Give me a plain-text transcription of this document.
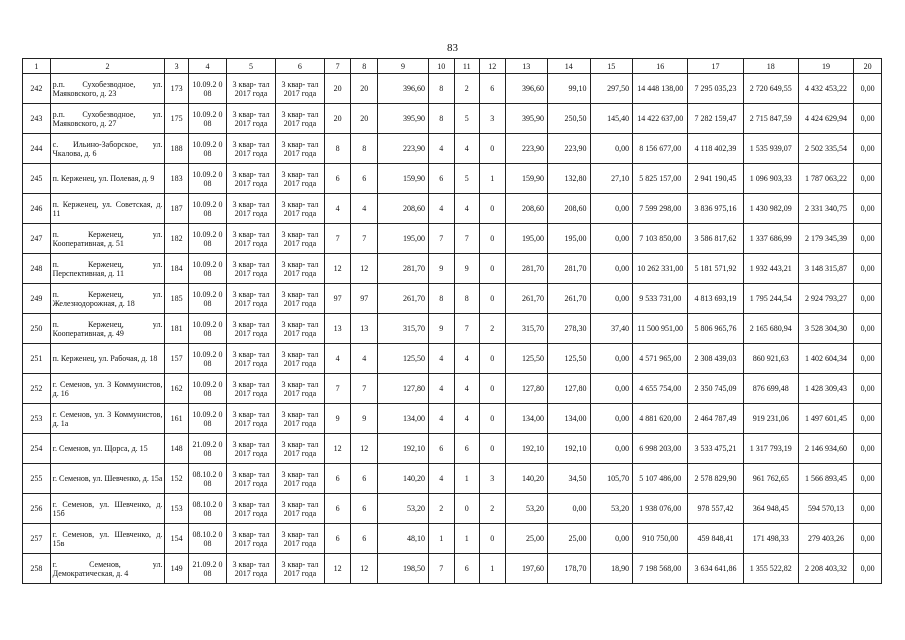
83
1	2	3	4	5	6	7	8	9	10	11	12	13	14	15	16	17	18	19	20
242	р.п. Сухобезводное, ул. Маяковского, д. 23	173	10.09.2 008	3 квар- тал 2017 года	3 квар- тал 2017 года	20	20	396,60	8	2	6	396,60	99,10	297,50	14 448 138,00	7 295 035,23	2 720 649,55	4 432 453,22	0,00
243	р.п. Сухобезводное, ул. Маяковского, д. 27	175	10.09.2 008	3 квар- тал 2017 года	3 квар- тал 2017 года	20	20	395,90	8	5	3	395,90	250,50	145,40	14 422 637,00	7 282 159,47	2 715 847,59	4 424 629,94	0,00
244	с. Ильино-Заборское, ул. Чкалова, д. 6	188	10.09.2 008	3 квар- тал 2017 года	3 квар- тал 2017 года	8	8	223,90	4	4	0	223,90	223,90	0,00	8 156 677,00	4 118 402,39	1 535 939,07	2 502 335,54	0,00
245	п. Керженец, ул. Полевая, д. 9	183	10.09.2 008	3 квар- тал 2017 года	3 квар- тал 2017 года	6	6	159,90	6	5	1	159,90	132,80	27,10	5 825 157,00	2 941 190,45	1 096 903,33	1 787 063,22	0,00
246	п. Керженец, ул. Советская, д. 11	187	10.09.2 008	3 квар- тал 2017 года	3 квар- тал 2017 года	4	4	208,60	4	4	0	208,60	208,60	0,00	7 599 298,00	3 836 975,16	1 430 982,09	2 331 340,75	0,00
247	п. Керженец, ул. Кооперативная, д. 51	182	10.09.2 008	3 квар- тал 2017 года	3 квар- тал 2017 года	7	7	195,00	7	7	0	195,00	195,00	0,00	7 103 850,00	3 586 817,62	1 337 686,99	2 179 345,39	0,00
248	п. Керженец, ул. Перспективная, д. 11	184	10.09.2 008	3 квар- тал 2017 года	3 квар- тал 2017 года	12	12	281,70	9	9	0	281,70	281,70	0,00	10 262 331,00	5 181 571,92	1 932 443,21	3 148 315,87	0,00
249	п. Керженец, ул. Железнодорожная, д. 18	185	10.09.2 008	3 квар- тал 2017 года	3 квар- тал 2017 года	97	97	261,70	8	8	0	261,70	261,70	0,00	9 533 731,00	4 813 693,19	1 795 244,54	2 924 793,27	0,00
250	п. Керженец, ул. Кооперативная, д. 49	181	10.09.2 008	3 квар- тал 2017 года	3 квар- тал 2017 года	13	13	315,70	9	7	2	315,70	278,30	37,40	11 500 951,00	5 806 965,76	2 165 680,94	3 528 304,30	0,00
251	п. Керженец, ул. Рабочая, д. 18	157	10.09.2 008	3 квар- тал 2017 года	3 квар- тал 2017 года	4	4	125,50	4	4	0	125,50	125,50	0,00	4 571 965,00	2 308 439,03	860 921,63	1 402 604,34	0,00
252	г. Семенов, ул. 3 Коммунистов, д. 16	162	10.09.2 008	3 квар- тал 2017 года	3 квар- тал 2017 года	7	7	127,80	4	4	0	127,80	127,80	0,00	4 655 754,00	2 350 745,09	876 699,48	1 428 309,43	0,00
253	г. Семенов, ул. 3 Коммунистов, д. 1а	161	10.09.2 008	3 квар- тал 2017 года	3 квар- тал 2017 года	9	9	134,00	4	4	0	134,00	134,00	0,00	4 881 620,00	2 464 787,49	919 231,06	1 497 601,45	0,00
254	г. Семенов, ул. Щорса, д. 15	148	21.09.2 008	3 квар- тал 2017 года	3 квар- тал 2017 года	12	12	192,10	6	6	0	192,10	192,10	0,00	6 998 203,00	3 533 475,21	1 317 793,19	2 146 934,60	0,00
255	г. Семенов, ул. Шевченко, д. 15а	152	08.10.2 008	3 квар- тал 2017 года	3 квар- тал 2017 года	6	6	140,20	4	1	3	140,20	34,50	105,70	5 107 486,00	2 578 829,90	961 762,65	1 566 893,45	0,00
256	г. Семенов, ул. Шевченко, д. 15б	153	08.10.2 008	3 квар- тал 2017 года	3 квар- тал 2017 года	6	6	53,20	2	0	2	53,20	0,00	53,20	1 938 076,00	978 557,42	364 948,45	594 570,13	0,00
257	г. Семенов, ул. Шевченко, д. 15в	154	08.10.2 008	3 квар- тал 2017 года	3 квар- тал 2017 года	6	6	48,10	1	1	0	25,00	25,00	0,00	910 750,00	459 848,41	171 498,33	279 403,26	0,00
258	г. Семенов, ул. Демократическая, д. 4	149	21.09.2 008	3 квар- тал 2017 года	3 квар- тал 2017 года	12	12	198,50	7	6	1	197,60	178,70	18,90	7 198 568,00	3 634 641,86	1 355 522,82	2 208 403,32	0,00
